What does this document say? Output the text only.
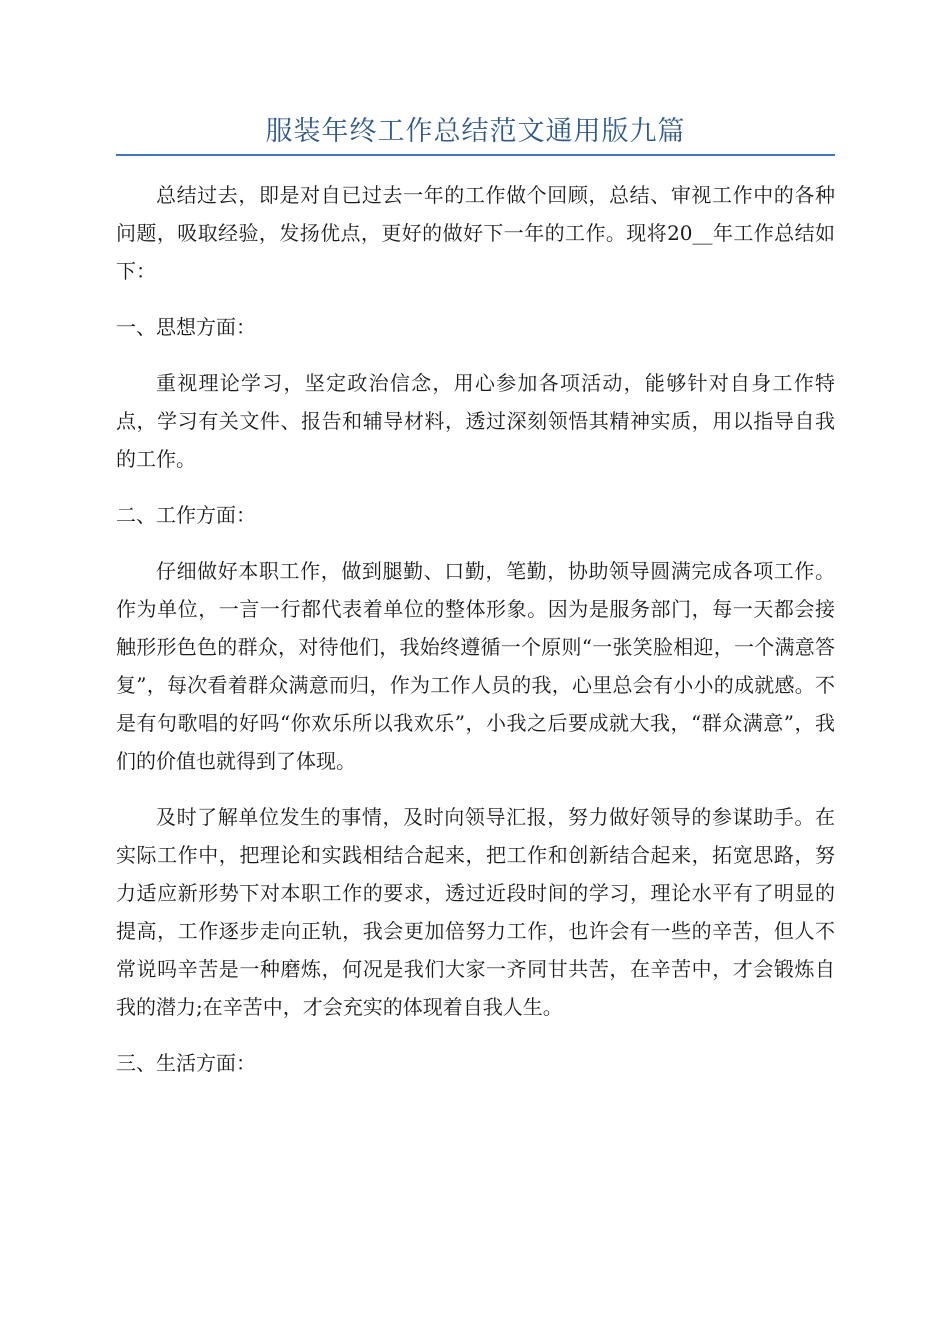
服装年终工作总结范文通用版九篇

总结过去，即是对自已过去一年的工作做个回顾，总结、审视工作中的各种问题，吸取经验，发扬优点，更好的做好下一年的工作。现将20__年工作总结如下：

一、思想方面：

重视理论学习，坚定政治信念，用心参加各项活动，能够针对自身工作特点，学习有关文件、报告和辅导材料，透过深刻领悟其精神实质，用以指导自我的工作。

二、工作方面：

仔细做好本职工作，做到腿勤、口勤，笔勤，协助领导圆满完成各项工作。作为单位，一言一行都代表着单位的整体形象。因为是服务部门，每一天都会接触形形色色的群众，对待他们，我始终遵循一个原则“一张笑脸相迎，一个满意答复”，每次看着群众满意而归，作为工作人员的我，心里总会有小小的成就感。不是有句歌唱的好吗“你欢乐所以我欢乐”，小我之后要成就大我，“群众满意”，我们的价值也就得到了体现。

及时了解单位发生的事情，及时向领导汇报，努力做好领导的参谋助手。在实际工作中，把理论和实践相结合起来，把工作和创新结合起来，拓宽思路，努力适应新形势下对本职工作的要求，透过近段时间的学习，理论水平有了明显的提高，工作逐步走向正轨，我会更加倍努力工作，也许会有一些的辛苦，但人不常说吗辛苦是一种磨炼，何况是我们大家一齐同甘共苦，在辛苦中，才会锻炼自我的潜力;在辛苦中，才会充实的体现着自我人生。

三、生活方面：
